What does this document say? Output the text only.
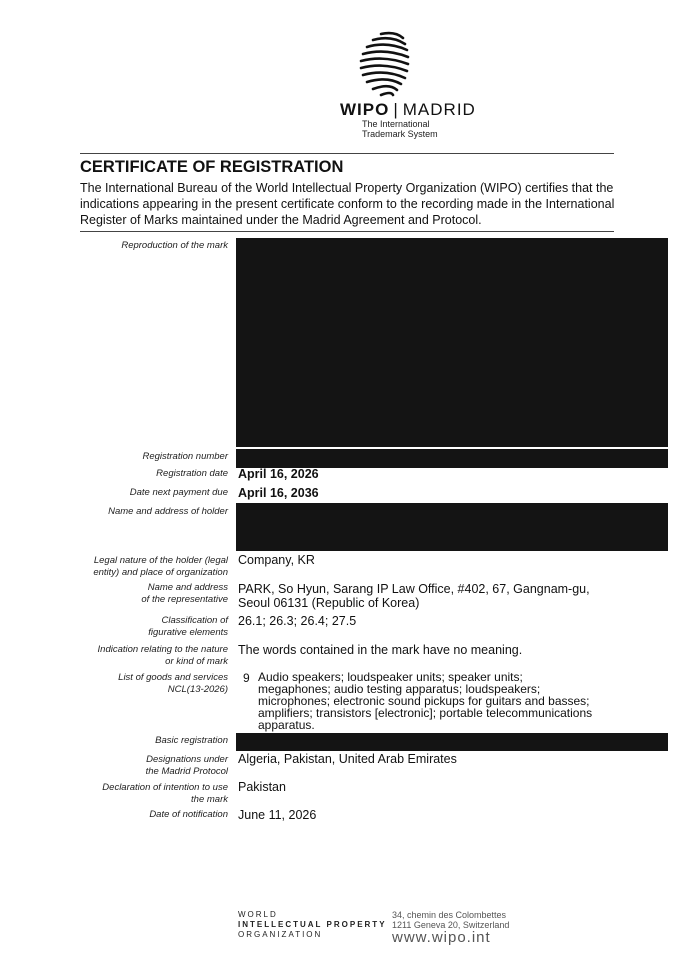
WIPO | MADRID
The International
Trademark System
CERTIFICATE OF REGISTRATION
The International Bureau of the World Intellectual Property Organization (WIPO) certifies that the indications appearing in the present certificate conform to the recording made in the International Register of Marks maintained under the Madrid Agreement and Protocol.
Reproduction of the mark
Registration number
Registration date April 16, 2026
Date next payment due April 16, 2036
Name and address of holder
Legal nature of the holder (legal
entity) and place of organization
Company, KR
Name and address
of the representative
PARK, So Hyun, Sarang IP Law Office, #402, 67, Gangnam-gu,
Seoul 06131 (Republic of Korea)
Classification of
figurative elements
26.1; 26.3; 26.4; 27.5
Indication relating to the nature
or kind of mark
The words contained in the mark have no meaning.
List of goods and services
NCL(13-2026)
9 Audio speakers; loudspeaker units; speaker units;
megaphones; audio testing apparatus; loudspeakers;
microphones; electronic sound pickups for guitars and basses;
amplifiers; transistors [electronic]; portable telecommunications
apparatus.
Basic registration
Designations under
the Madrid Protocol
Algeria, Pakistan, United Arab Emirates
Declaration of intention to use
the mark
Pakistan
Date of notification June 11, 2026
WORLD
INTELLECTUAL PROPERTY
ORGANIZATION
34, chemin des Colombettes
1211 Geneva 20, Switzerland
www.wipo.int
